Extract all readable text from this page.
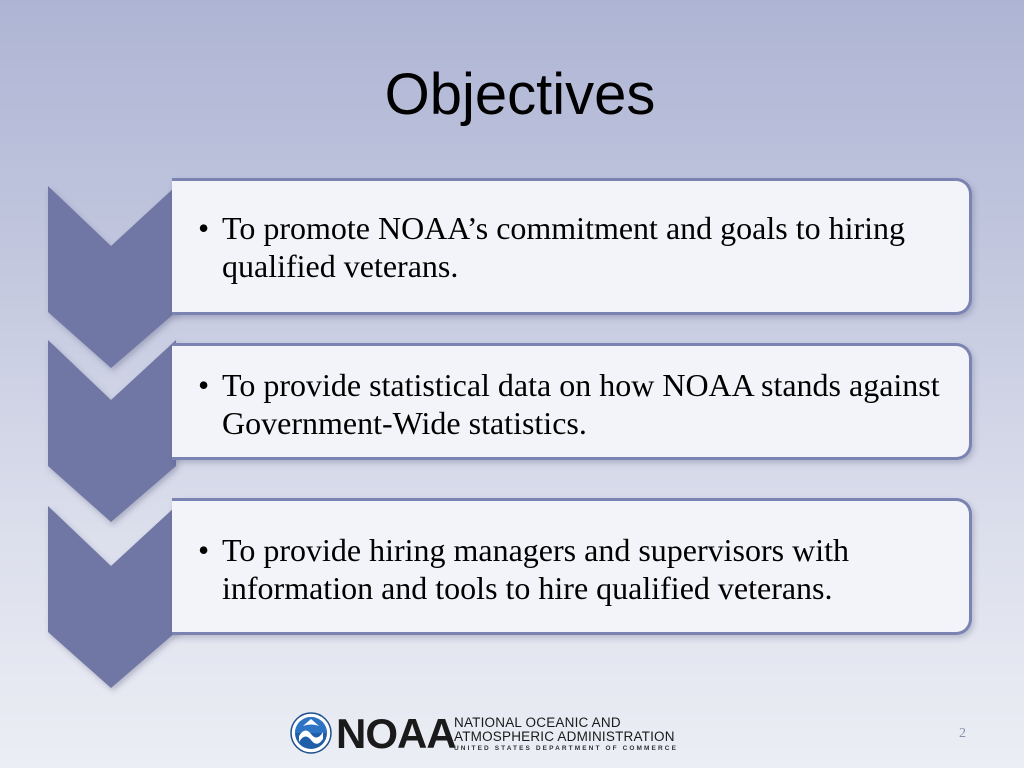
Objectives
• To promote NOAA’s commitment and goals to hiring qualified veterans.
• To provide statistical data on how NOAA stands against Government-Wide statistics.
• To provide hiring managers and supervisors with information and tools to hire qualified veterans.
NOAA
NATIONAL OCEANIC AND
ATMOSPHERIC ADMINISTRATION
UNITED STATES DEPARTMENT OF COMMERCE
2
